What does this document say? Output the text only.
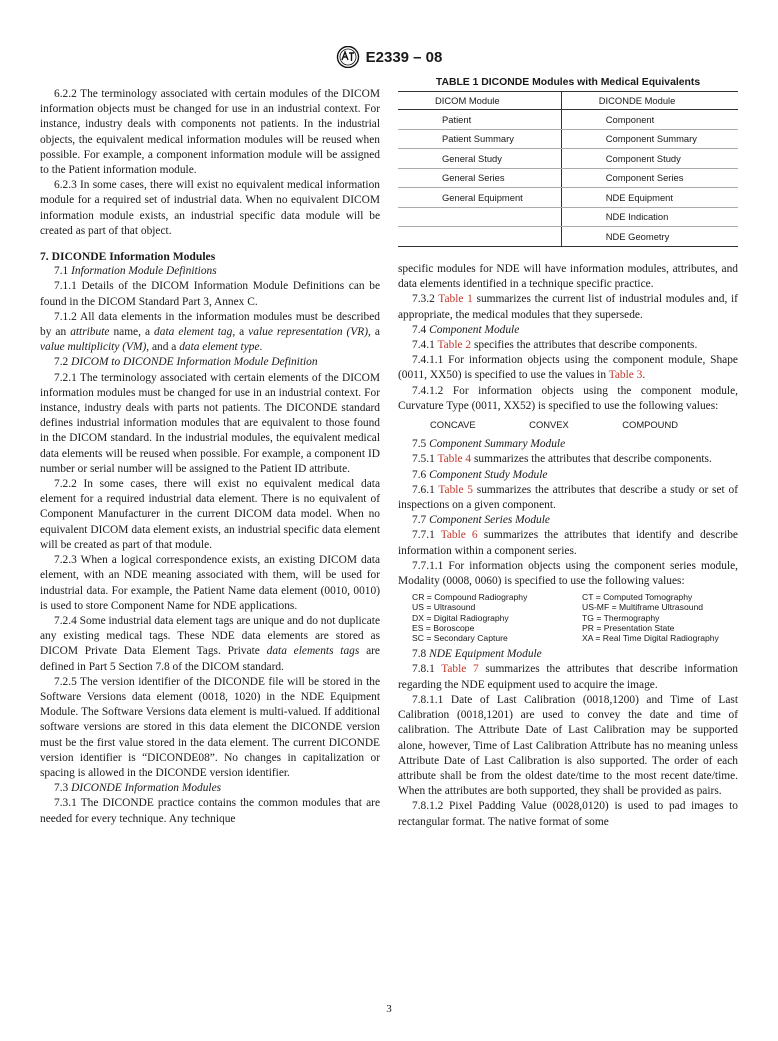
E2339 – 08

6.2.2 The terminology associated with certain modules of the DICOM information objects must be changed for use in an industrial context. For instance, industry deals with components not patients. In the industrial objects, the equivalent medical information modules will be reused when possible. For example, a component information module will be assigned to the Patient information module.

6.2.3 In some cases, there will exist no equivalent medical information module for a required set of industrial data. When no equivalent DICOM information module exists, an industrial specific data module will be created as part of that object.

7. DICONDE Information Modules

7.1 Information Module Definitions

7.1.1 Details of the DICOM Information Module Definitions can be found in the DICOM Standard Part 3, Annex C.

7.1.2 All data elements in the information modules must be described by an attribute name, a data element tag, a value representation (VR), a value multiplicity (VM), and a data element type.

7.2 DICOM to DICONDE Information Module Definition

7.2.1 The terminology associated with certain elements of the DICOM information modules must be changed for use in an industrial context. For instance, industry deals with parts not patients. The DICONDE standard defines industrial information modules that are equivalent to those found in the DICOM standard. In the industrial modules, the equivalent medical data elements will be reused when possible. For example, a component ID number or serial number will be assigned to the Patient ID attribute.

7.2.2 In some cases, there will exist no equivalent medical data element for a required industrial data element. There is no equivalent of Component Manufacturer in the current DICOM data model. When no equivalent DICOM data element exists, an industrial specific data element will be created as part of that module.

7.2.3 When a logical correspondence exists, an existing DICOM data element, with an NDE meaning associated with them, will be used for industrial data. For example, the Patient Name data element (0010, 0010) is used to store Component Name for NDE applications.

7.2.4 Some industrial data element tags are unique and do not duplicate any existing medical tags. These NDE data elements are stored as DICOM Private Data Element Tags. Private data elements tags are defined in Part 5 Section 7.8 of the DICOM standard.

7.2.5 The version identifier of the DICONDE file will be stored in the Software Versions data element (0018, 1020) in the NDE Equipment Module. The Software Versions data element is multi-valued. If additional software versions are stored in this data element the DICONDE version must be the first value stored in the data element. The current DICONDE version identifier is “DICONDE08”. No changes in capitalization or spacing is allowed in the DICONDE version identifier.

7.3 DICONDE Information Modules

7.3.1 The DICONDE practice contains the common modules that are needed for every technique. Any technique

TABLE 1 DICONDE Modules with Medical Equivalents
DICOM Module	DICONDE Module
Patient	Component
Patient Summary	Component Summary
General Study	Component Study
General Series	Component Series
General Equipment	NDE Equipment
	NDE Indication
	NDE Geometry

specific modules for NDE will have information modules, attributes, and data elements identified in a technique specific practice.

7.3.2 Table 1 summarizes the current list of industrial modules and, if appropriate, the medical modules that they supersede.

7.4 Component Module

7.4.1 Table 2 specifies the attributes that describe components.

7.4.1.1 For information objects using the component module, Shape (0011, XX50) is specified to use the values in Table 3.

7.4.1.2 For information objects using the component module, Curvature Type (0011, XX52) is specified to use the following values:

CONCAVE	CONVEX	COMPOUND

7.5 Component Summary Module

7.5.1 Table 4 summarizes the attributes that describe components.

7.6 Component Study Module

7.6.1 Table 5 summarizes the attributes that describe a study or set of inspections on a given component.

7.7 Component Series Module

7.7.1 Table 6 summarizes the attributes that identify and describe information within a component series.

7.7.1.1 For information objects using the component series module, Modality (0008, 0060) is specified to use the following values:

CR = Compound Radiography	CT = Computed Tomography
US = Ultrasound	US-MF = Multiframe Ultrasound
DX = Digital Radiography	TG = Thermography
ES = Boroscope	PR = Presentation State
SC = Secondary Capture	XA = Real Time Digital Radiography

7.8 NDE Equipment Module

7.8.1 Table 7 summarizes the attributes that describe information regarding the NDE equipment used to acquire the image.

7.8.1.1 Date of Last Calibration (0018,1200) and Time of Last Calibration (0018,1201) are used to convey the date and time of calibration. The Attribute Date of Last Calibration may be supported alone, however, Time of Last Calibration Attribute has no meaning unless Attribute Date of Last Calibration is also supported. The order of each attribute shall be from the oldest date/time to the most recent date/time. When the attributes are both supported, they shall be provided as pairs.

7.8.1.2 Pixel Padding Value (0028,0120) is used to pad images to rectangular format. The native format of some

3
